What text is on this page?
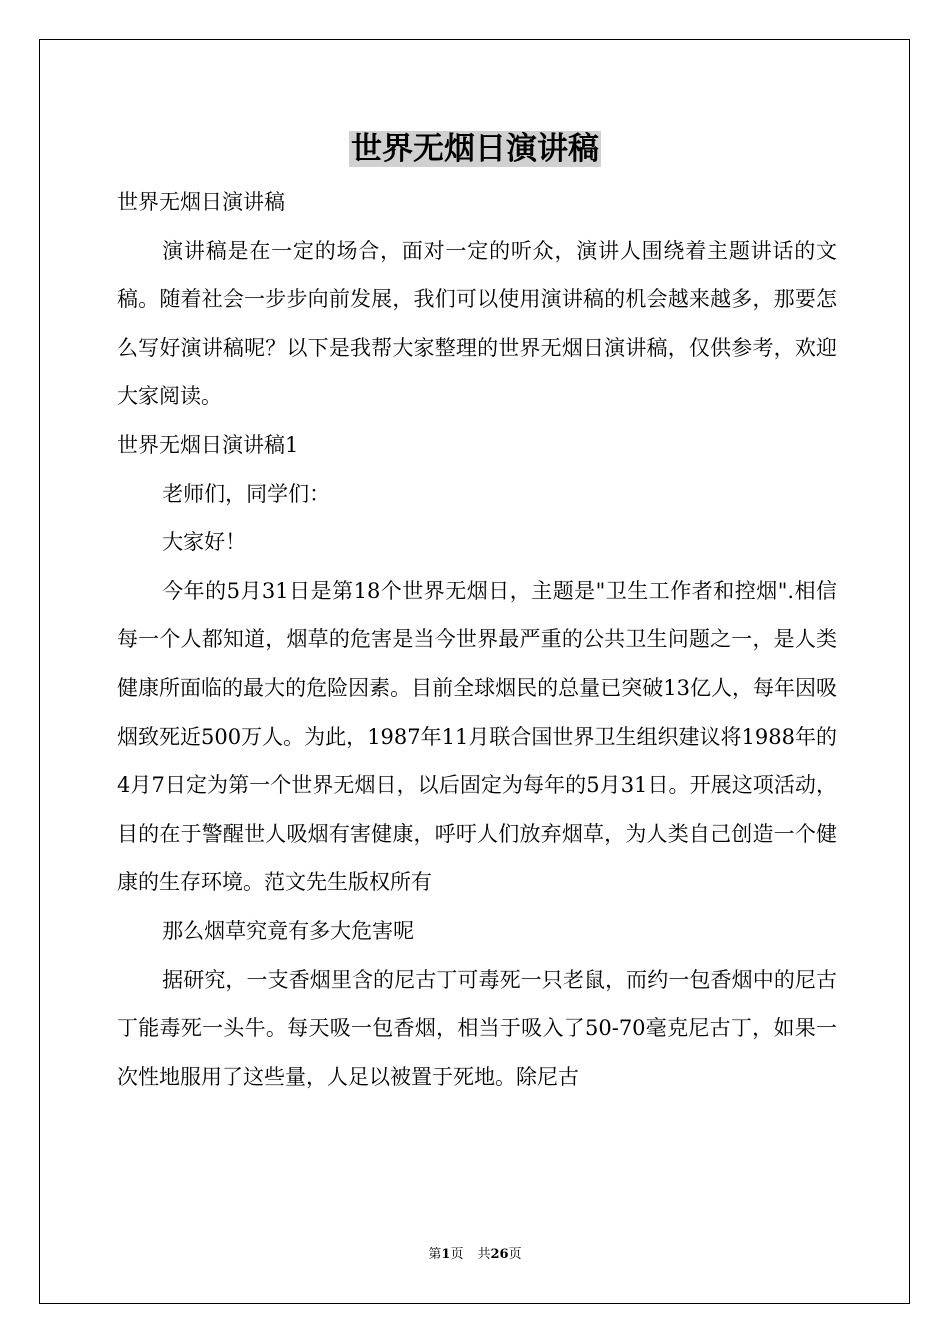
世界无烟日演讲稿

世界无烟日演讲稿

演讲稿是在一定的场合，面对一定的听众，演讲人围绕着主题讲话的文稿。随着社会一步步向前发展，我们可以使用演讲稿的机会越来越多，那要怎么写好演讲稿呢？以下是我帮大家整理的世界无烟日演讲稿，仅供参考，欢迎大家阅读。

世界无烟日演讲稿1

老师们，同学们：

大家好！

今年的5月31日是第18个世界无烟日，主题是"卫生工作者和控烟".相信每一个人都知道，烟草的危害是当今世界最严重的公共卫生问题之一，是人类健康所面临的最大的危险因素。目前全球烟民的总量已突破13亿人，每年因吸烟致死近500万人。为此，1987年11月联合国世界卫生组织建议将1988年的4月7日定为第一个世界无烟日，以后固定为每年的5月31日。开展这项活动，目的在于警醒世人吸烟有害健康，呼吁人们放弃烟草，为人类自己创造一个健康的生存环境。范文先生版权所有

那么烟草究竟有多大危害呢

据研究，一支香烟里含的尼古丁可毒死一只老鼠，而约一包香烟中的尼古丁能毒死一头牛。每天吸一包香烟，相当于吸入了50-70毫克尼古丁，如果一次性地服用了这些量，人足以被置于死地。除尼古

第1页 共26页
